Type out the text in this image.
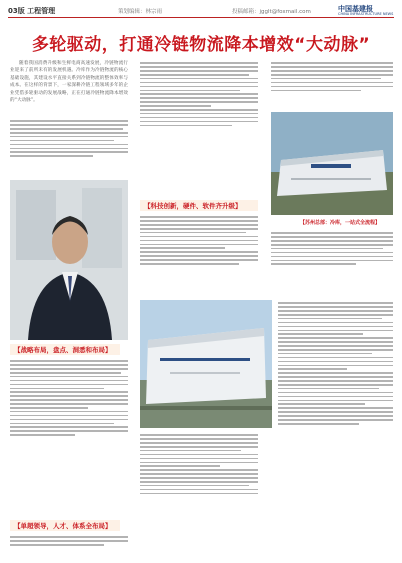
03版 工程管理	策划编辑：林宗雨	投稿邮箱：jgglt@foxmail.com	中国基建报
CHINA INFRASTRUCTURE NEWS
多轮驱动，打通冷链物流降本增效“大动脉”

随着我国消费升级和生鲜电商高速发展，冷链物流行业迎来了前所未有的发展机遇。冷库作为冷链物流的核心基础设施，其建设水平直接关系到冷链物流的整体效率与成本。在这样的背景下，一家深耕冷链工程领域多年的企业凭借多轮驱动的发展战略，正在打通冷链物流降本增效的“大动脉”。

【战略布局，盘点、洞悉和布局】
【单超领导，人才、体系全布局】
【科技创新，硬件、软件齐升级】
【苏州总部：冷库，一站式全流程】
